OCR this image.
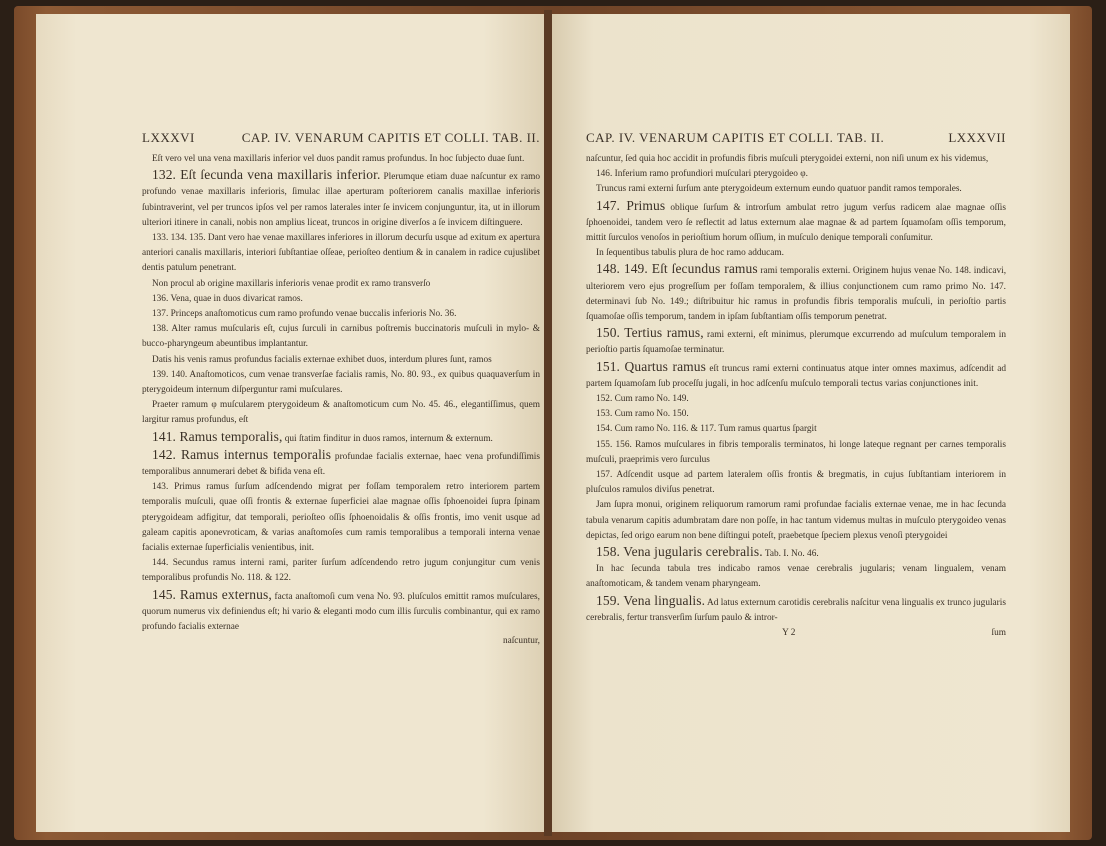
LXXXVI	CAP. IV. VENARUM CAPITIS ET COLLI. TAB. II.

Eſt vero vel una vena maxillaris inferior vel duos pandit ramus profundus. In hoc ſubjecto duae ſunt.

132. Eſt ſecunda vena maxillaris inferior. Plerumque etiam duae naſcuntur ex ramo profundo venae maxillaris inferioris, ſimulac illae aperturam poſteriorem canalis maxillae inferioris ſubintraverint, vel per truncos ipſos vel per ramos laterales inter ſe invicem conjunguntur, ita, ut in illorum ulteriori itinere in canali, nobis non amplius liceat, truncos in origine diverſos a ſe invicem diſtinguere.

133. 134. 135. Dant vero hae venae maxillares inferiores in illorum decurſu usque ad exitum ex apertura anteriori canalis maxillaris, interiori ſubſtantiae oſſeae, perioſteo dentium & in canalem in radice cujuslibet dentis patulum penetrant.

Non procul ab origine maxillaris inferioris venae prodit ex ramo transverſo

136. Vena, quae in duos divaricat ramos.

137. Princeps anaſtomoticus cum ramo profundo venae buccalis inferioris No. 36.

138. Alter ramus muſcularis eſt, cujus ſurculi in carnibus poſtremis buccinatoris muſculi in mylo- & bucco-pharyngeum abeuntibus implantantur.

Datis his venis ramus profundus facialis externae exhibet duos, interdum plures ſunt, ramos

139. 140. Anaſtomoticos, cum venae transverſae facialis ramis, No. 80. 93., ex quibus quaquaverſum in pterygoideum internum diſperguntur rami muſculares.

Praeter ramum φ muſcularem pterygoideum & anaſtomoticum cum No. 45. 46., elegantiſſimus, quem largitur ramus profundus, eſt

141. Ramus temporalis, qui ſtatim finditur in duos ramos, internum & externum.

142. Ramus internus temporalis profundae facialis externae, haec vena profundiſſimis temporalibus annumerari debet & bifida vena eſt.

143. Primus ramus ſurſum adſcendendo migrat per foſſam temporalem retro interiorem partem temporalis muſculi, quae oſſi frontis & externae ſuperficiei alae magnae oſſis ſphoenoidei ſupra ſpinam pterygoideam adfigitur, dat temporali, perioſteo oſſis ſphoenoidalis & oſſis frontis, imo venit usque ad galeam capitis aponevroticam, & varias anaſtomoſes cum ramis temporalibus a temporali interna venae facialis externae ſuperficialis venientibus, init.

144. Secundus ramus interni rami, pariter ſurſum adſcendendo retro jugum conjungitur cum venis temporalibus profundis No. 118. & 122.

145. Ramus externus, facta anaſtomoſi cum vena No. 93. pluſculos emittit ramos muſculares, quorum numerus vix definiendus eſt; hi vario & eleganti modo cum illis ſurculis combinantur, qui ex ramo profundo facialis externae

naſcuntur,
CAP. IV. VENARUM CAPITIS ET COLLI. TAB. II.	LXXXVII

naſcuntur, ſed quia hoc accidit in profundis fibris muſculi pterygoidei externi, non niſi unum ex his videmus,

146. Inferium ramo profundiori muſculari pterygoideo φ.

Truncus rami externi ſurſum ante pterygoideum externum eundo quatuor pandit ramos temporales.

147. Primus oblique ſurſum & introrſum ambulat retro jugum verſus radicem alae magnae oſſis ſphoenoidei, tandem vero ſe reflectit ad latus externum alae magnae & ad partem ſquamoſam oſſis temporum, mittit ſurculos venoſos in perioſtium horum oſſium, in muſculo denique temporali conſumitur.

In ſequentibus tabulis plura de hoc ramo adducam.

148. 149. Eſt ſecundus ramus rami temporalis externi. Originem hujus venae No. 148. indicavi, ulteriorem vero ejus progreſſum per foſſam temporalem, & illius conjunctionem cum ramo primo No. 147. determinavi ſub No. 149.; diſtribuitur hic ramus in profundis fibris temporalis muſculi, in perioſtio partis ſquamoſae oſſis temporum, tandem in ipſam ſubſtantiam oſſis temporum penetrat.

150. Tertius ramus, rami externi, eſt minimus, plerumque excurrendo ad muſculum temporalem in perioſtio partis ſquamoſae terminatur.

151. Quartus ramus eſt truncus rami externi continuatus atque inter omnes maximus, adſcendit ad partem ſquamoſam ſub proceſſu jugali, in hoc adſcenſu muſculo temporali tectus varias conjunctiones init.

152. Cum ramo No. 149.

153. Cum ramo No. 150.

154. Cum ramo No. 116. & 117. Tum ramus quartus ſpargit

155. 156. Ramos muſculares in fibris temporalis terminatos, hi longe lateque regnant per carnes temporalis muſculi, praeprimis vero ſurculus

157. Adſcendit usque ad partem lateralem oſſis frontis & bregmatis, in cujus ſubſtantiam interiorem in pluſculos ramulos diviſus penetrat.

Jam ſupra monui, originem reliquorum ramorum rami profundae facialis externae venae, me in hac ſecunda tabula venarum capitis adumbratam dare non poſſe, in hac tantum videmus multas in muſculo pterygoideo venas depictas, ſed origo earum non bene diſtingui poteſt, praebetque ſpeciem plexus venoſi pterygoidei

158. Vena jugularis cerebralis. Tab. I. No. 46.

In hac ſecunda tabula tres indicabo ramos venae cerebralis jugularis; venam lingualem, venam anaſtomoticam, & tandem venam pharyngeam.

159. Vena lingualis. Ad latus externum carotidis cerebralis naſcitur vena lingualis ex trunco jugularis cerebralis, fertur transverſim ſurſum paulo & intror-

Y 2	ſum
